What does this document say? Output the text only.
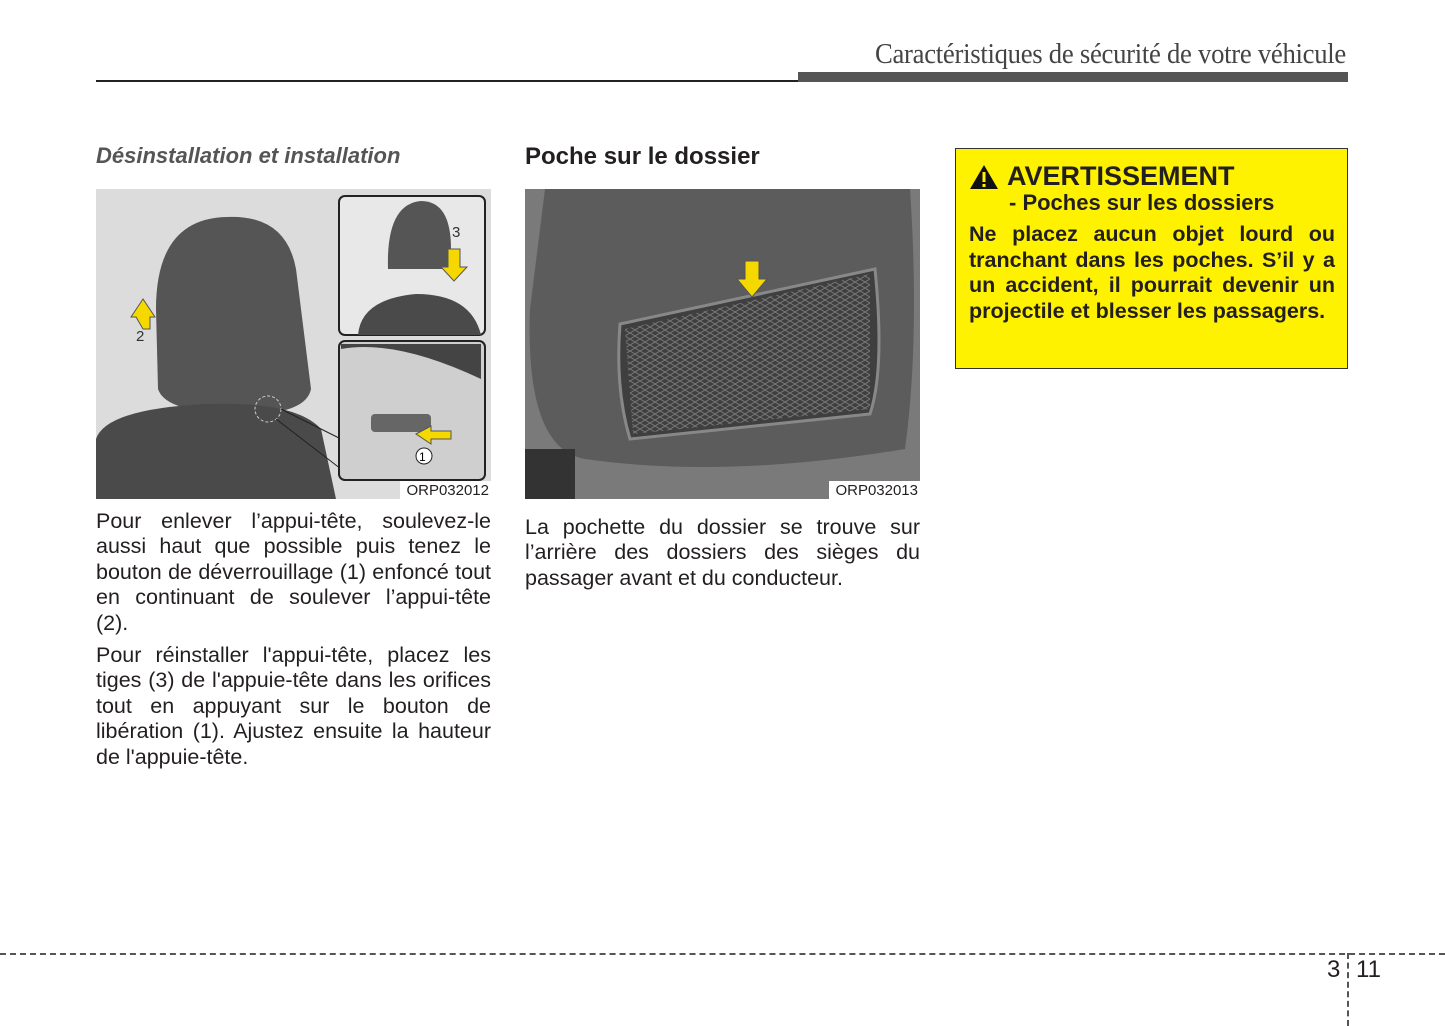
Caractéristiques de sécurité de votre véhicule
Désinstallation et installation
2
3
1
ORP032012

Pour enlever l’appui-tête, soulevez-le aussi haut que possible puis tenez le bouton de déverrouillage (1) enfoncé tout en continuant de soulever l’appui-tête (2).

Pour réinstaller l'appui-tête, placez les tiges (3) de l'appuie-tête dans les orifices tout en appuyant sur le bouton de libération (1). Ajustez ensuite la hauteur de l'appuie-tête.

Poche sur le dossier
ORP032013

La pochette du dossier se trouve sur l’arrière des dossiers des sièges du passager avant et du conducteur.

AVERTISSEMENT
- Poches sur les dossiers
Ne placez aucun objet lourd ou tranchant dans les poches. S’il y a un accident, il pourrait devenir un projectile et blesser les passagers.
3 11
